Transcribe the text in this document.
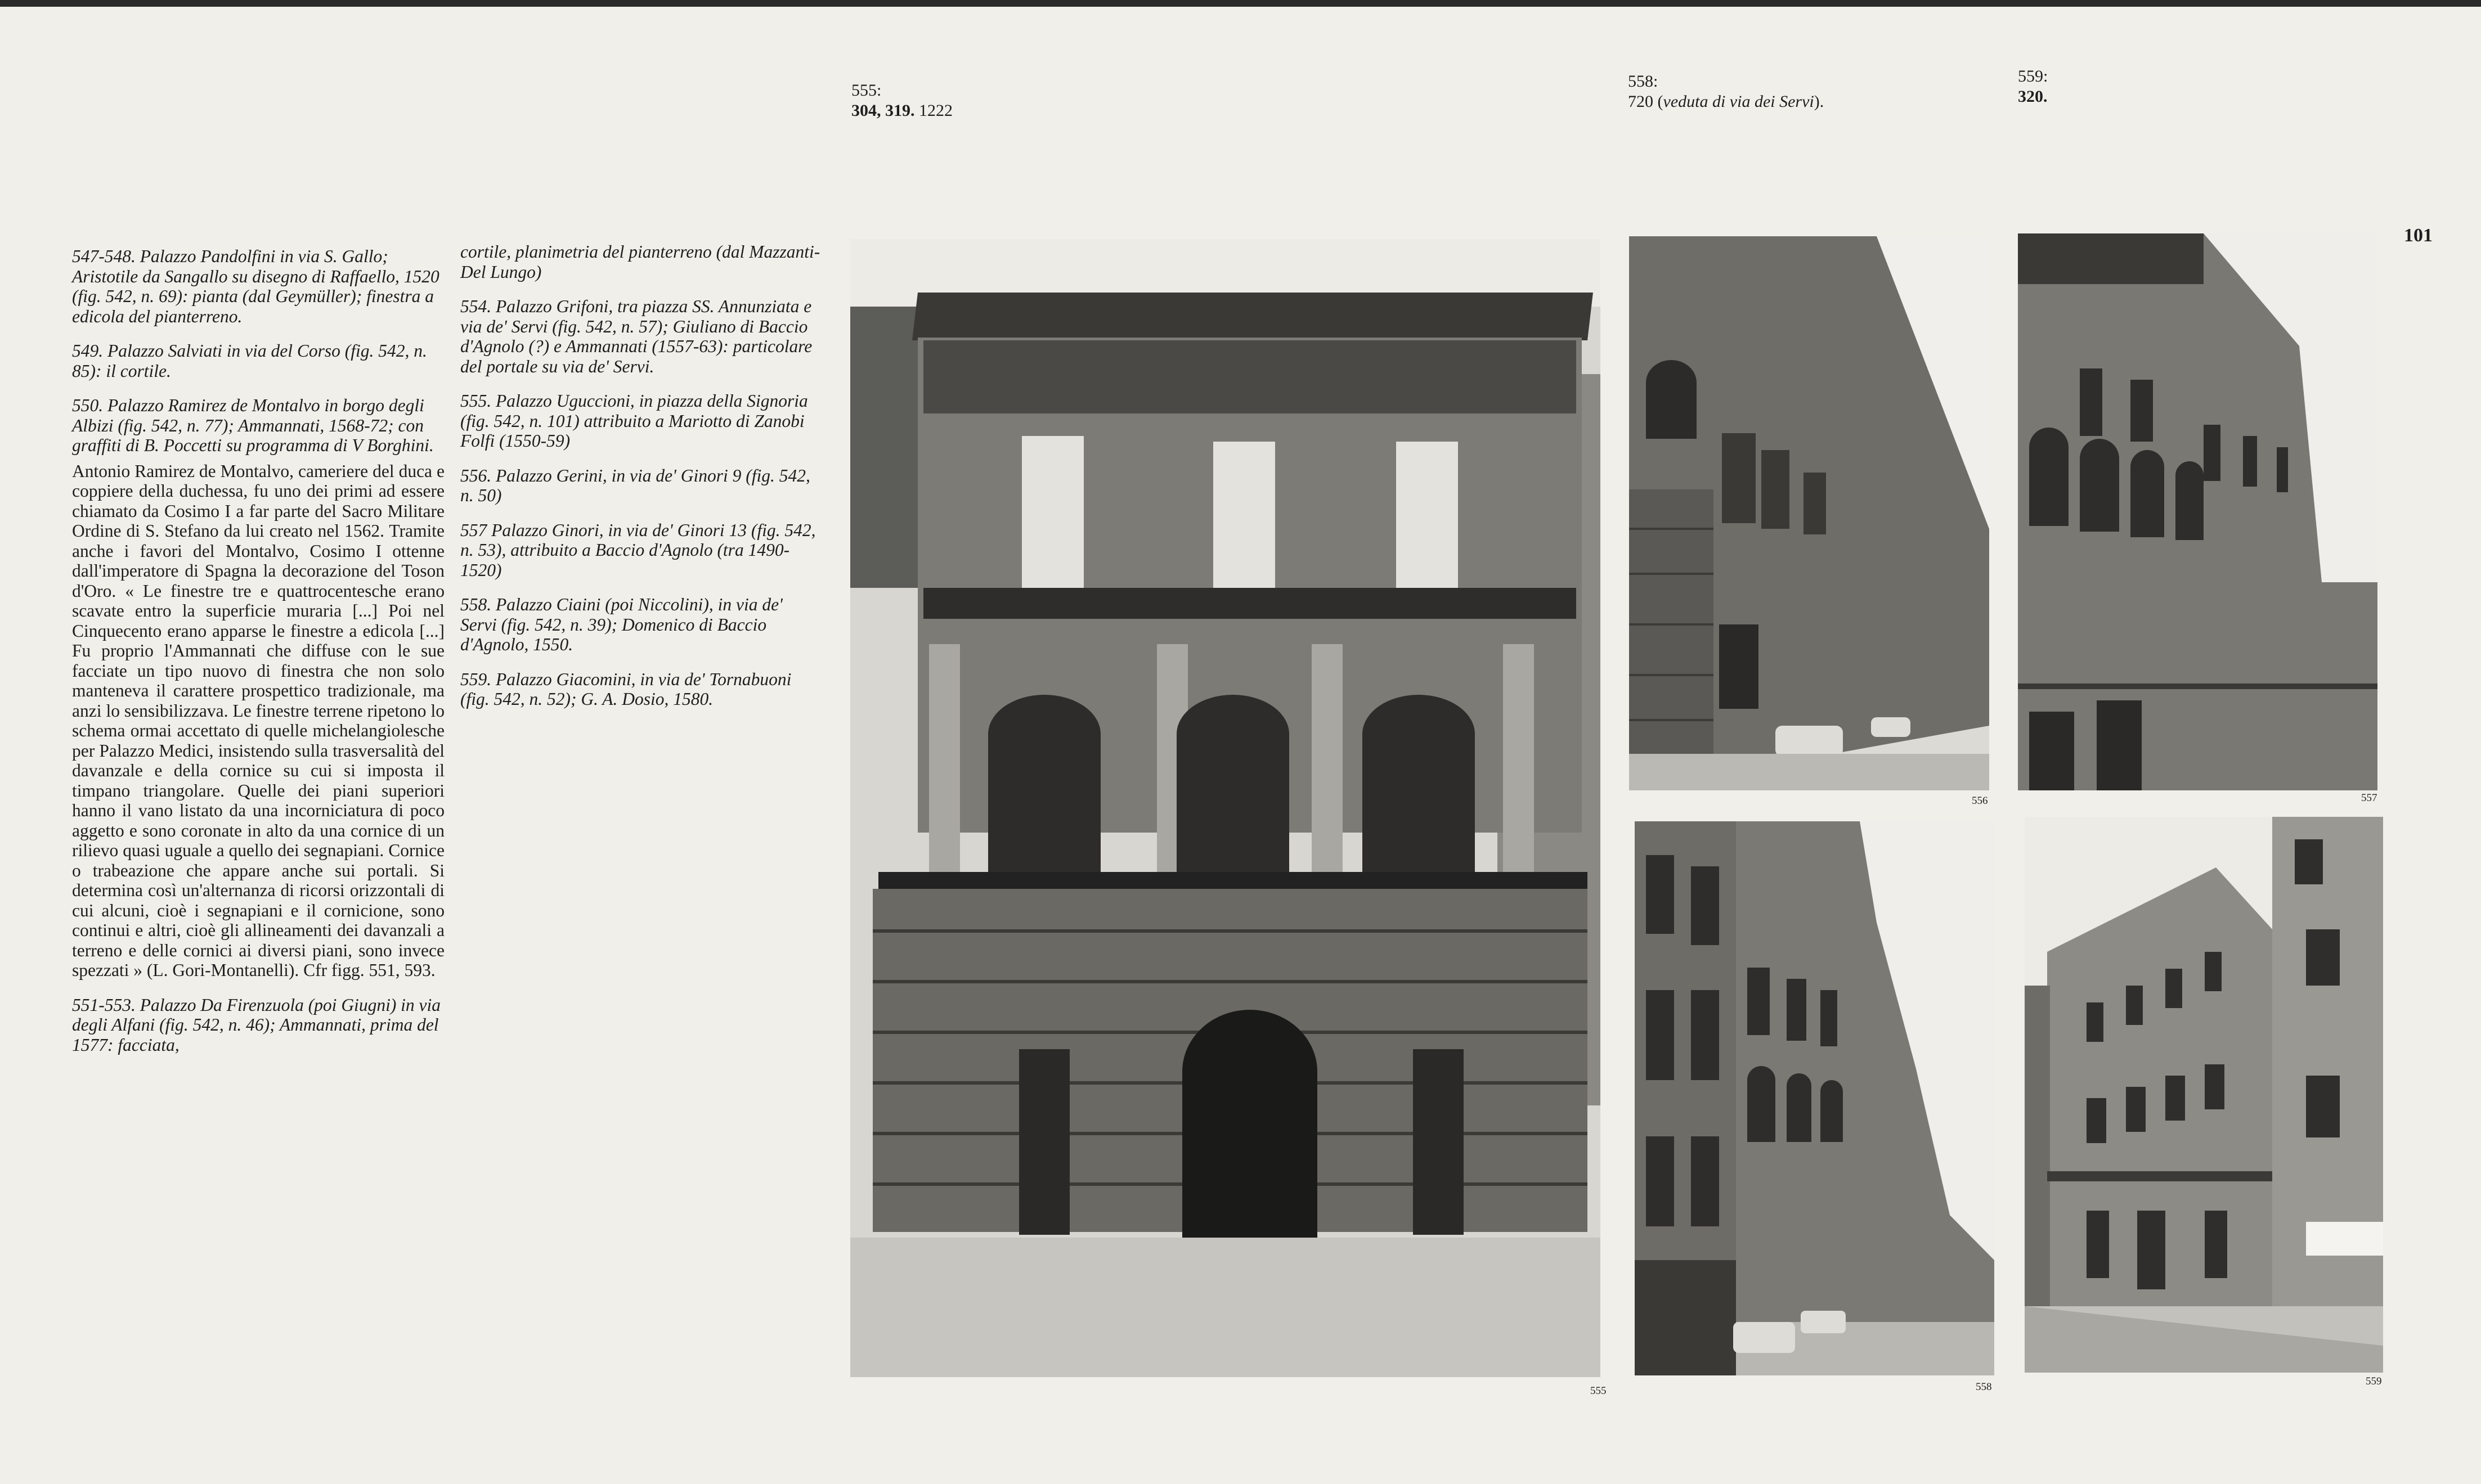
555:
304, 319. 1222
558:
720 (veduta di via dei Servi).
559:
320.
101

547-548. Palazzo Pandolfini in via S. Gallo; Aristotile da Sangallo su disegno di Raffaello, 1520 (fig. 542, n. 69): pianta (dal Geymüller); finestra a edicola del pianterreno.

549. Palazzo Salviati in via del Corso (fig. 542, n. 85): il cortile.

550. Palazzo Ramirez de Montalvo in borgo degli Albizi (fig. 542, n. 77); Ammannati, 1568-72; con graffiti di B. Poccetti su programma di V Borghini.

Antonio Ramirez de Montalvo, cameriere del duca e coppiere della duchessa, fu uno dei primi ad essere chiamato da Cosimo I a far parte del Sacro Militare Ordine di S. Stefano da lui creato nel 1562. Tramite anche i favori del Montalvo, Cosimo I ottenne dall'imperatore di Spagna la decorazione del Toson d'Oro. « Le finestre tre e quattrocentesche erano scavate entro la superficie muraria [...] Poi nel Cinquecento erano apparse le finestre a edicola [...] Fu proprio l'Ammannati che diffuse con le sue facciate un tipo nuovo di finestra che non solo manteneva il carattere prospettico tradizionale, ma anzi lo sensibilizzava. Le finestre terrene ripetono lo schema ormai accettato di quelle michelangiolesche per Palazzo Medici, insistendo sulla trasversalità del davanzale e della cornice su cui si imposta il timpano triangolare. Quelle dei piani superiori hanno il vano listato da una incorniciatura di poco aggetto e sono coronate in alto da una cornice di un rilievo quasi uguale a quello dei segnapiani. Cornice o trabeazione che appare anche sui portali. Si determina così un'alternanza di ricorsi orizzontali di cui alcuni, cioè i segnapiani e il cornicione, sono continui e altri, cioè gli allineamenti dei davanzali a terreno e delle cornici ai diversi piani, sono invece spezzati » (L. Gori-Montanelli). Cfr figg. 551, 593.

551-553. Palazzo Da Firenzuola (poi Giugni) in via degli Alfani (fig. 542, n. 46); Ammannati, prima del 1577: facciata,

cortile, planimetria del pianterreno (dal Mazzanti-Del Lungo)

554. Palazzo Grifoni, tra piazza SS. Annunziata e via de' Servi (fig. 542, n. 57); Giuliano di Baccio d'Agnolo (?) e Ammannati (1557-63): particolare del portale su via de' Servi.

555. Palazzo Uguccioni, in piazza della Signoria (fig. 542, n. 101) attribuito a Mariotto di Zanobi Folfi (1550-59)

556. Palazzo Gerini, in via de' Ginori 9 (fig. 542, n. 50)

557 Palazzo Ginori, in via de' Ginori 13 (fig. 542, n. 53), attribuito a Baccio d'Agnolo (tra 1490-1520)

558. Palazzo Ciaini (poi Niccolini), in via de' Servi (fig. 542, n. 39); Domenico di Baccio d'Agnolo, 1550.

559. Palazzo Giacomini, in via de' Tornabuoni (fig. 542, n. 52); G. A. Dosio, 1580.

555
556	557
558	559
